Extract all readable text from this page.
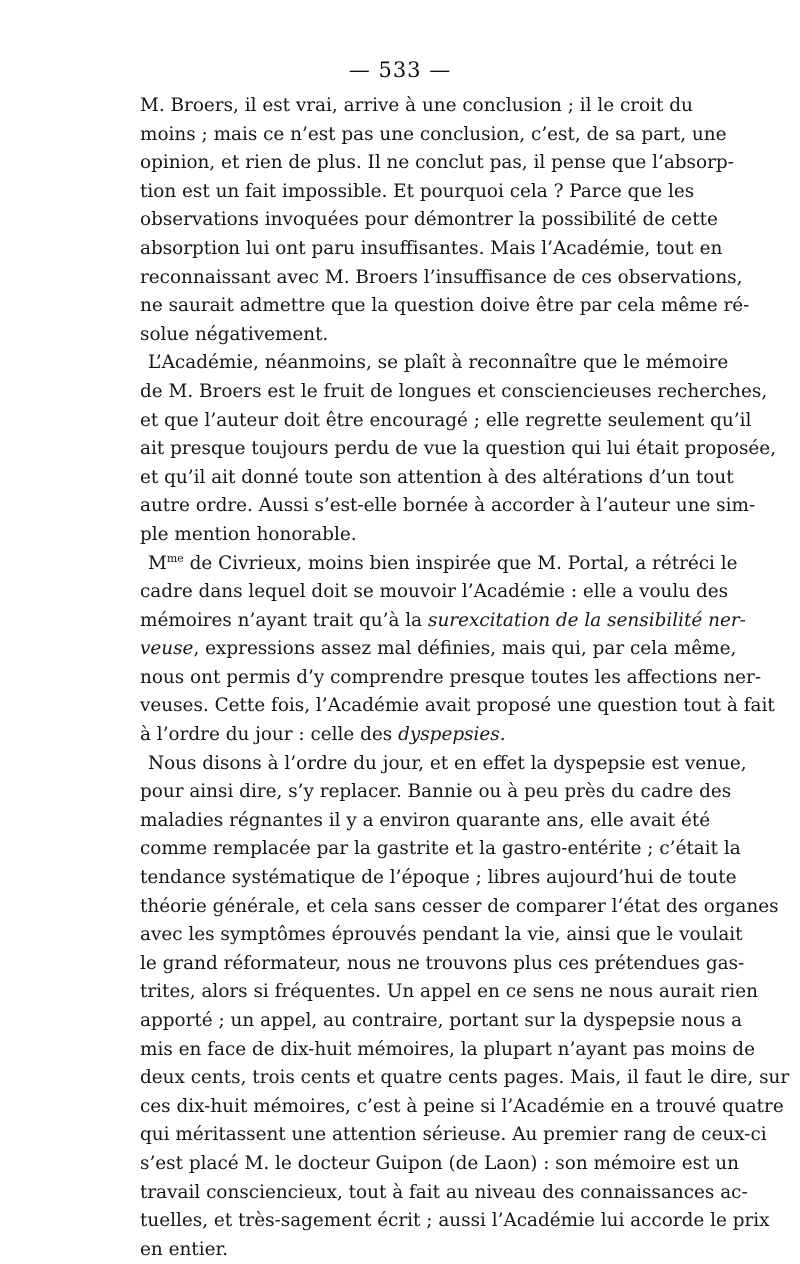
— 533 —

M. Broers, il est vrai, arrive à une conclusion ; il le croit du
moins ; mais ce n’est pas une conclusion, c’est, de sa part, une
opinion, et rien de plus. Il ne conclut pas, il pense que l’absorp-
tion est un fait impossible. Et pourquoi cela ? Parce que les
observations invoquées pour démontrer la possibilité de cette
absorption lui ont paru insuffisantes. Mais l’Académie, tout en
reconnaissant avec M. Broers l’insuffisance de ces observations,
ne saurait admettre que la question doive être par cela même ré-
solue négativement.

L’Académie, néanmoins, se plaît à reconnaître que le mémoire
de M. Broers est le fruit de longues et consciencieuses recherches,
et que l’auteur doit être encouragé ; elle regrette seulement qu’il
ait presque toujours perdu de vue la question qui lui était proposée,
et qu’il ait donné toute son attention à des altérations d’un tout
autre ordre. Aussi s’est-elle bornée à accorder à l’auteur une sim-
ple mention honorable.

$M^{me}$ de Civrieux, moins bien inspirée que M. Portal, a rétréci le
cadre dans lequel doit se mouvoir l’Académie : elle a voulu des
mémoires n’ayant trait qu’à la surexcitation de la sensibilité ner-
veuse, expressions assez mal définies, mais qui, par cela même,
nous ont permis d’y comprendre presque toutes les affections ner-
veuses. Cette fois, l’Académie avait proposé une question tout à fait
à l’ordre du jour : celle des dyspepsies.

Nous disons à l’ordre du jour, et en effet la dyspepsie est venue,
pour ainsi dire, s’y replacer. Bannie ou à peu près du cadre des
maladies régnantes il y a environ quarante ans, elle avait été
comme remplacée par la gastrite et la gastro-entérite ; c’était la
tendance systématique de l’époque ; libres aujourd’hui de toute
théorie générale, et cela sans cesser de comparer l’état des organes
avec les symptômes éprouvés pendant la vie, ainsi que le voulait
le grand réformateur, nous ne trouvons plus ces prétendues gas-
trites, alors si fréquentes. Un appel en ce sens ne nous aurait rien
apporté ; un appel, au contraire, portant sur la dyspepsie nous a
mis en face de dix-huit mémoires, la plupart n’ayant pas moins de
deux cents, trois cents et quatre cents pages. Mais, il faut le dire, sur
ces dix-huit mémoires, c’est à peine si l’Académie en a trouvé quatre
qui méritassent une attention sérieuse. Au premier rang de ceux-ci
s’est placé M. le docteur Guipon (de Laon) : son mémoire est un
travail consciencieux, tout à fait au niveau des connaissances ac-
tuelles, et très-sagement écrit ; aussi l’Académie lui accorde le prix
en entier.
